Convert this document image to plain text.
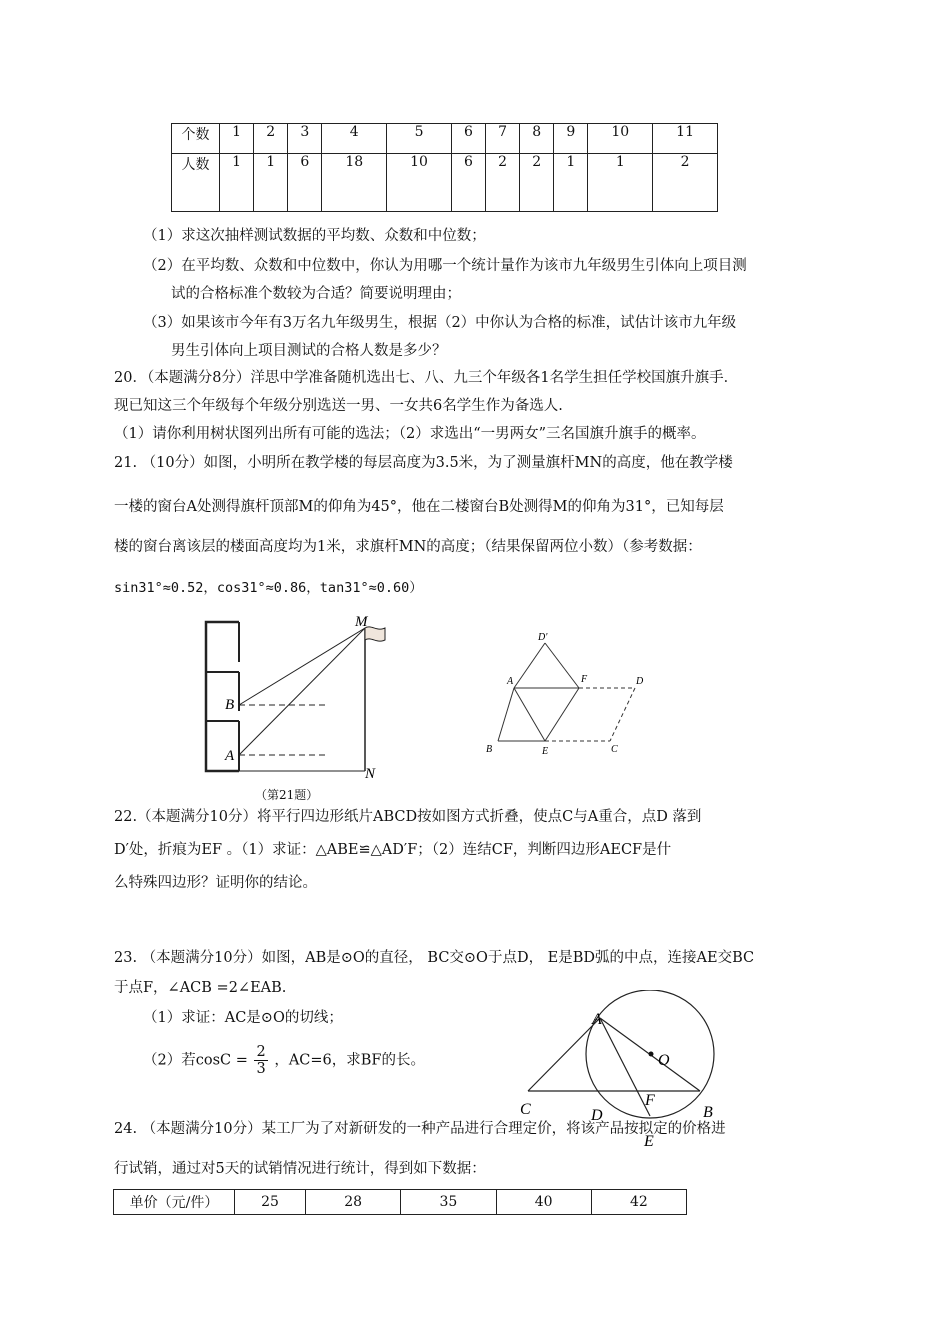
个数	1	2	3	4	5	6	7	8	9	10	11
人数	1	1	6	18	10	6	2	2	1	1	2
（1）求这次抽样测试数据的平均数、众数和中位数；
（2）在平均数、众数和中位数中，你认为用哪一个统计量作为该市九年级男生引体向上项目测
试的合格标准个数较为合适？简要说明理由；
（3）如果该市今年有3万名九年级男生，根据（2）中你认为合格的标准，试估计该市九年级
男生引体向上项目测试的合格人数是多少？
20．（本题满分8分）洋思中学准备随机选出七、八、九三个年级各1名学生担任学校国旗升旗手．
现已知这三个年级每个年级分别选送一男、一女共6名学生作为备选人.
（1）请你利用树状图列出所有可能的选法；（2）求选出“一男两女”三名国旗升旗手的概率。
21. （10分）如图，小明所在教学楼的每层高度为3.5米，为了测量旗杆MN的高度，他在教学楼
一楼的窗台A处测得旗杆顶部M的仰角为45°，他在二楼窗台B处测得M的仰角为31°，已知每层
楼的窗台离该层的楼面高度均为1米，求旗杆MN的高度；（结果保留两位小数）（参考数据：
sin31°≈0.52，cos31°≈0.86，tan31°≈0.60）
M
B
A
N
（第21题）
D'
A	F	D
B	E	C
22.（本题满分10分）将平行四边形纸片ABCD按如图方式折叠，使点C与A重合，点D 落到
D′处，折痕为EF 。（1）求证：△ABE≌△AD′F；（2）连结CF，判断四边形AECF是什
么特殊四边形？证明你的结论。
23. （本题满分10分）如图，AB是⊙O的直径， BC交⊙O于点D， E是BD弧的中点，连接AE交BC
于点F，∠ACB =2∠EAB.
（1）求证：AC是⊙O的切线；
（2）若$\cos C = \frac{2}{3}$ ，AC=6，求BF的长。
A
O
F
B
C	D
E
24. （本题满分10分）某工厂为了对新研发的一种产品进行合理定价，将该产品按拟定的价格进
行试销，通过对5天的试销情况进行统计，得到如下数据：
单价（元/件）	25	28	35	40	42
